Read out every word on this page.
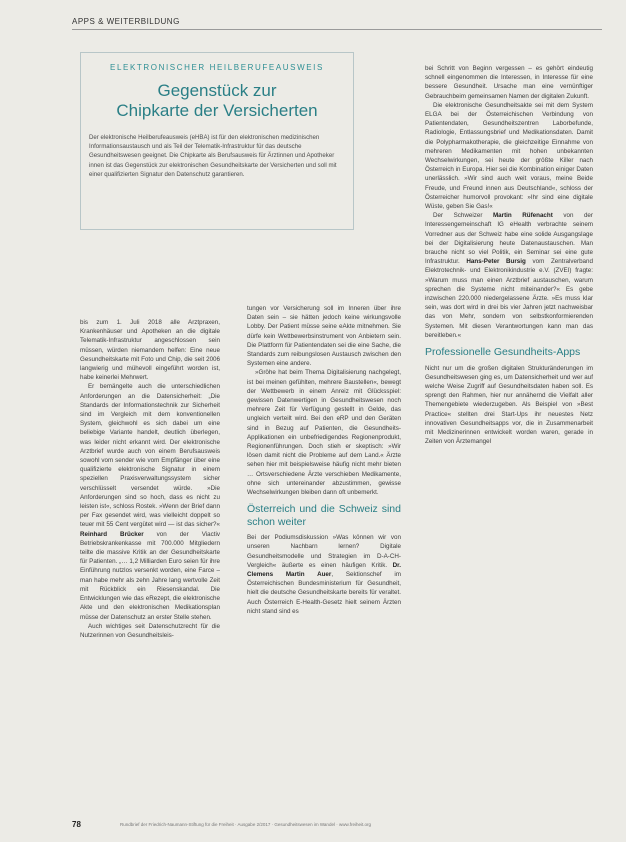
APPS & WEITERBILDUNG
ELEKTRONISCHER HEILBERUFEAUSWEIS
Gegenstück zur
Chipkarte der Versicherten
Der elektronische Heilberufeausweis (eHBA) ist für den elektronischen medizinischen Informationsaustausch und als Teil der Telematik-Infrastruktur für das deutsche Gesundheitswesen geeignet. Die Chipkarte als Berufsausweis für Ärztinnen und Apotheker innen ist das Gegenstück zur elektronischen Gesundheitskarte der Versicherten und soll mit einer qualifizierten Signatur den Datenschutz garantieren.

bis zum 1. Juli 2018 alle Arztpraxen, Krankenhäuser und Apotheken an die digitale Telematik-Infrastruktur angeschlossen sein müssen, würden niemandem helfen: Eine neue Gesundheitskarte mit Foto und Chip, die seit 2006 langwierig und mühevoll eingeführt worden ist, habe keinerlei Mehrwert.

Er bemängelte auch die unterschiedlichen Anforderungen an die Datensicherheit: „Die Standards der Informationstechnik zur Sicherheit sind im Vergleich mit dem konventionellen System, gleichwohl es sich dabei um eine beliebige Variante handelt, deutlich überlegen, was leider nicht erkannt wird. Der elektronische Arztbrief wurde auch von einem Berufsausweis sowohl vom sender wie vom Empfänger über eine qualifizierte elektronische Signatur in einem speziellen Praxisverwaltungssystem sicher verschlüsselt versendet würde. »Die Anforderungen sind so hoch, dass es nicht zu leisten ist«, schloss Rostek. »Wenn der Brief dann per Fax gesendet wird, was vielleicht doppelt so teuer mit 55 Cent vergütet wird — ist das sicher?« Reinhard Brücker von der Viactiv Betriebskrankenkasse mit 700.000 Mitgliedern teilte die massive Kritik an der Gesundheitskarte für Patienten. „… 1,2 Milliarden Euro seien für ihre Einführung nutzlos versenkt worden, eine Farce – man habe mehr als zehn Jahre lang wertvolle Zeit mit Rückblick ein Riesenskandal. Die Entwicklungen wie das eRezept, die elektronische Akte und den elektronischen Medikationsplan müsse der Datenschutz an erster Stelle stehen.

Auch wichtiges seit Datenschutzrecht für die Nutzerinnen von Gesundheitsleis-

tungen vor Versicherung soll im Inneren über ihre Daten sein – sie hätten jedoch keine wirkungsvolle Lobby. Der Patient müsse seine eAkte mitnehmen. Sie dürfe kein Wettbewerbsinstrument von Anbietern sein. Die Plattform für Patientendaten sei die eine Sache, die Standards zum reibungslosen Austausch zwischen den Systemen eine andere.

»Gröhe hat beim Thema Digitalisierung nachgelegt, ist bei meinen gefühlten, mehrere Baustellen«, bewegt der Wettbewerb in einem Anreiz mit Glücksspiel: gewissen Datenwertigen in Gesundheitswesen noch mehrere Zeit für Verfügung gestellt in Gelde, das ungleich verteilt wird. Bei den eRP und den Geräten sind in Bezug auf Patienten, die Gesundheits-Applikationen ein unbefriedigendes Regionenprodukt, Regionenführungen. Doch stieh er skeptisch: »Wir lösen damit nicht die Probleme auf dem Land.« Ärzte sehen hier mit beispielsweise häufig nicht mehr bieten … Ortsverschiedene Ärzte verschieben Medikamente, ohne sich untereinander abzustimmen, gewisse Wechselwirkungen bleiben dann oft unbemerkt.

Österreich und die Schweiz sind schon weiter

Bei der Podiumsdiskussion »Was können wir von unseren Nachbarn lernen? Digitale Gesundheitsmodelle und Strategien im D-A-CH-Vergleich« äußerte es einen häufigen Kritik. Dr. Clemens Martin Auer, Sektionschef im Österreichischen Bundesministerium für Gesundheit, hielt die deutsche Gesundheitskarte bereits für veraltet. Auch Österreich E-Health-Gesetz hielt seinem Ärzten nicht stand sind es

bei Schritt von Beginn vergessen – es gehört eindeutig schnell eingenommen die Interessen, in Interesse für eine bessere Gesundheit. Ursache man eine vernünftiger Gebrauchbeim gemeinsamen Namen der digitalen Zukunft.

Die elektronische Gesundheitsakte sei mit dem System ELGA bei der Österreichischen Verbindung von Patientendaten, Gesundheitszentren Laborbefunde, Radiologie, Entlassungsbrief und Medikationsdaten. Damit die Polypharmakotherapie, die gleichzeitige Einnahme von mehreren Medikamenten mit hohen unbekannten Wechselwirkungen, sei heute der größte Killer nach Österreich in Europa. Hier sei die Kombination einiger Daten unerlässlich. »Wir sind auch weit voraus, meine Beide Freude, und Freund innen aus Deutschland«, schloss der Österreicher humorvoll provokant: »Ihr sind eine digitale Wüste, geben Sie Gas!«

Der Schweizer Martin Rüfenacht von der Interessengemeinschaft IG eHealth verbrachte seinem Vorredner aus der Schweiz habe eine solide Ausgangslage bei der Digitalisierung heute Datenaustauschen. Man brauche nicht so viel Politik, ein Seminar sei eine gute Infrastruktur. Hans-Peter Bursig vom Zentralverband Elektrotechnik- und Elektronikindustrie e.V. (ZVEI) fragte: »Warum muss man einen Arztbrief austauschen, warum sprechen die Systeme nicht miteinander?« Es gebe inzwischen 220.000 niedergelassene Ärzte. »Es muss klar sein, was dort wird in drei bis vier Jahren jetzt nachweisbar das von Mehr, sondern von selbstkonformierenden Systemen. Mit diesen Verantwortungen kann man das bereitleben.«

Professionelle Gesundheits-Apps

Nicht nur um die großen digitalen Strukturänderungen im Gesundheitswesen ging es, um Datensicherheit und wer auf welche Weise Zugriff auf Gesundheitsdaten haben soll. Es sprengt den Rahmen, hier nur annähernd die Vielfalt aller Themengebiete wiederzugeben. Als Beispiel von »Best Practice« stellten drei Start-Ups ihr neuestes Netz innovativen Gesundheitsapps vor, die in Zusammenarbeit mit Medizinerinnen entwickelt worden waren, gerade in Zeiten von Ärztemangel

78	Rundbrief der Friedrich-Naumann-Stiftung für die Freiheit · Ausgabe 2/2017 · Gesundheitswesen im Wandel · www.freiheit.org
